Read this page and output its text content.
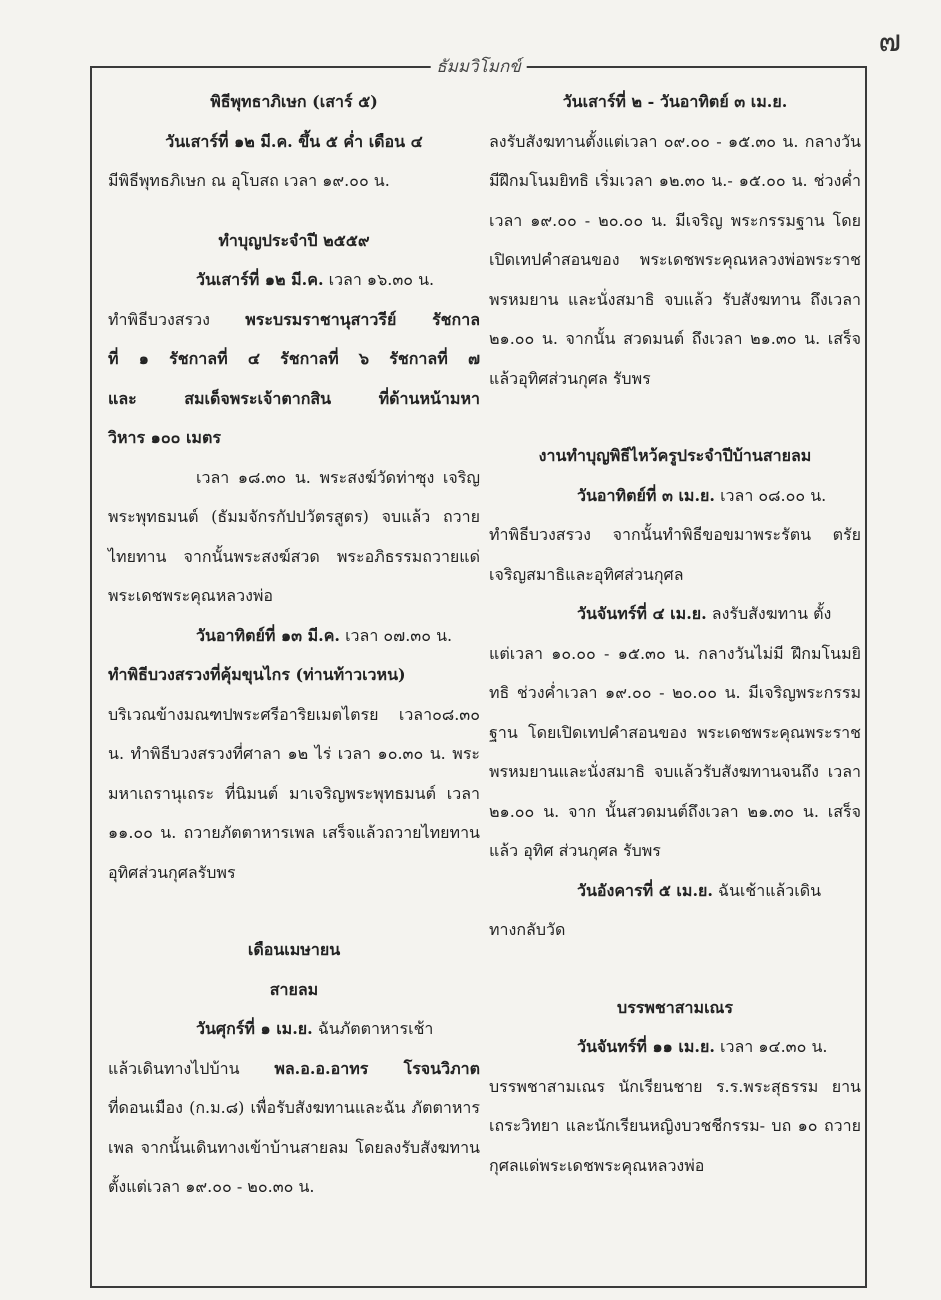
๗
ธัมมวิโมกข์

พิธีพุทธาภิเษก (เสาร์ ๕)

วันเสาร์ที่ ๑๒ มี.ค. ขึ้น ๕ ค่ำ เดือน ๔

มีพิธีพุทธภิเษก ณ อุโบสถ เวลา ๑๙.๐๐ น.

ทำบุญประจำปี ๒๕๕๙

วันเสาร์ที่ ๑๒ มี.ค. เวลา ๑๖.๓๐ น.

ทำพิธีบวงสรวง พระบรมราชานุสาวรีย์ รัชกาล

ที่ ๑ รัชกาลที่ ๔ รัชกาลที่ ๖ รัชกาลที่ ๗

และ สมเด็จพระเจ้าตากสิน ที่ด้านหน้ามหา

วิหาร ๑๐๐ เมตร

เวลา ๑๘.๓๐ น. พระสงฆ์วัดท่าซุง เจริญพระพุทธมนต์ (ธัมมจักรกัปปวัตรสูตร) จบแล้ว ถวายไทยทาน จากนั้นพระสงฆ์สวด พระอภิธรรมถวายแด่พระเดชพระคุณหลวงพ่อ

วันอาทิตย์ที่ ๑๓ มี.ค. เวลา ๐๗.๓๐ น.

ทำพิธีบวงสรวงที่คุ้มขุนไกร (ท่านท้าวเวหน)

บริเวณข้างมณฑปพระศรีอาริยเมตไตรย เวลา๐๘.๓๐ น. ทำพิธีบวงสรวงที่ศาลา ๑๒ ไร่ เวลา ๑๐.๓๐ น. พระมหาเถรานุเถระ ที่นิมนต์ มาเจริญพระพุทธมนต์ เวลา ๑๑.๐๐ น. ถวายภัตตาหารเพล เสร็จแล้วถวายไทยทาน อุทิศส่วนกุศลรับพร

เดือนเมษายน

สายลม

วันศุกร์ที่ ๑ เม.ย. ฉันภัตตาหารเช้า

แล้วเดินทางไปบ้าน พล.อ.อ.อาทร โรจนวิภาต

ที่ดอนเมือง (ก.ม.๘) เพื่อรับสังฆทานและฉัน ภัตตาหารเพล จากนั้นเดินทางเข้าบ้านสายลม โดยลงรับสังฆทานตั้งแต่เวลา ๑๙.๐๐ - ๒๐.๓๐ น.

วันเสาร์ที่ ๒ - วันอาทิตย์ ๓ เม.ย.

ลงรับสังฆทานตั้งแต่เวลา ๐๙.๐๐ - ๑๕.๓๐ น. กลางวันมีฝึกมโนมยิทธิ เริ่มเวลา ๑๒.๓๐ น.- ๑๕.๐๐ น. ช่วงค่ำ เวลา ๑๙.๐๐ - ๒๐.๐๐ น. มีเจริญ พระกรรมฐาน โดยเปิดเทปคำสอนของ พระเดชพระคุณหลวงพ่อพระราชพรหมยาน และนั่งสมาธิ จบแล้ว รับสังฆทาน ถึงเวลา ๒๑.๐๐ น. จากนั้น สวดมนต์ ถึงเวลา ๒๑.๓๐ น. เสร็จแล้วอุทิศส่วนกุศล รับพร

งานทำบุญพิธีไหว้ครูประจำปีบ้านสายลม

วันอาทิตย์ที่ ๓ เม.ย. เวลา ๐๘.๐๐ น.

ทำพิธีบวงสรวง จากนั้นทำพิธีขอขมาพระรัตน ตรัย เจริญสมาธิและอุทิศส่วนกุศล

วันจันทร์ที่ ๔ เม.ย. ลงรับสังฆทาน ตั้ง

แต่เวลา ๑๐.๐๐ - ๑๕.๓๐ น. กลางวันไม่มี ฝึกมโนมยิทธิ ช่วงค่ำเวลา ๑๙.๐๐ - ๒๐.๐๐ น. มีเจริญพระกรรมฐาน โดยเปิดเทปคำสอนของ พระเดชพระคุณพระราชพรหมยานและนั่งสมาธิ จบแล้วรับสังฆทานจนถึง เวลา ๒๑.๐๐ น. จาก นั้นสวดมนต์ถึงเวลา ๒๑.๓๐ น. เสร็จแล้ว อุทิศ ส่วนกุศล รับพร

วันอังคารที่ ๕ เม.ย. ฉันเช้าแล้วเดิน

ทางกลับวัด

บรรพชาสามเณร

วันจันทร์ที่ ๑๑ เม.ย. เวลา ๑๔.๓๐ น.

บรรพชาสามเณร นักเรียนชาย ร.ร.พระสุธรรม ยานเถระวิทยา และนักเรียนหญิงบวชชีกรรม- บถ ๑๐ ถวายกุศลแด่พระเดชพระคุณหลวงพ่อ
